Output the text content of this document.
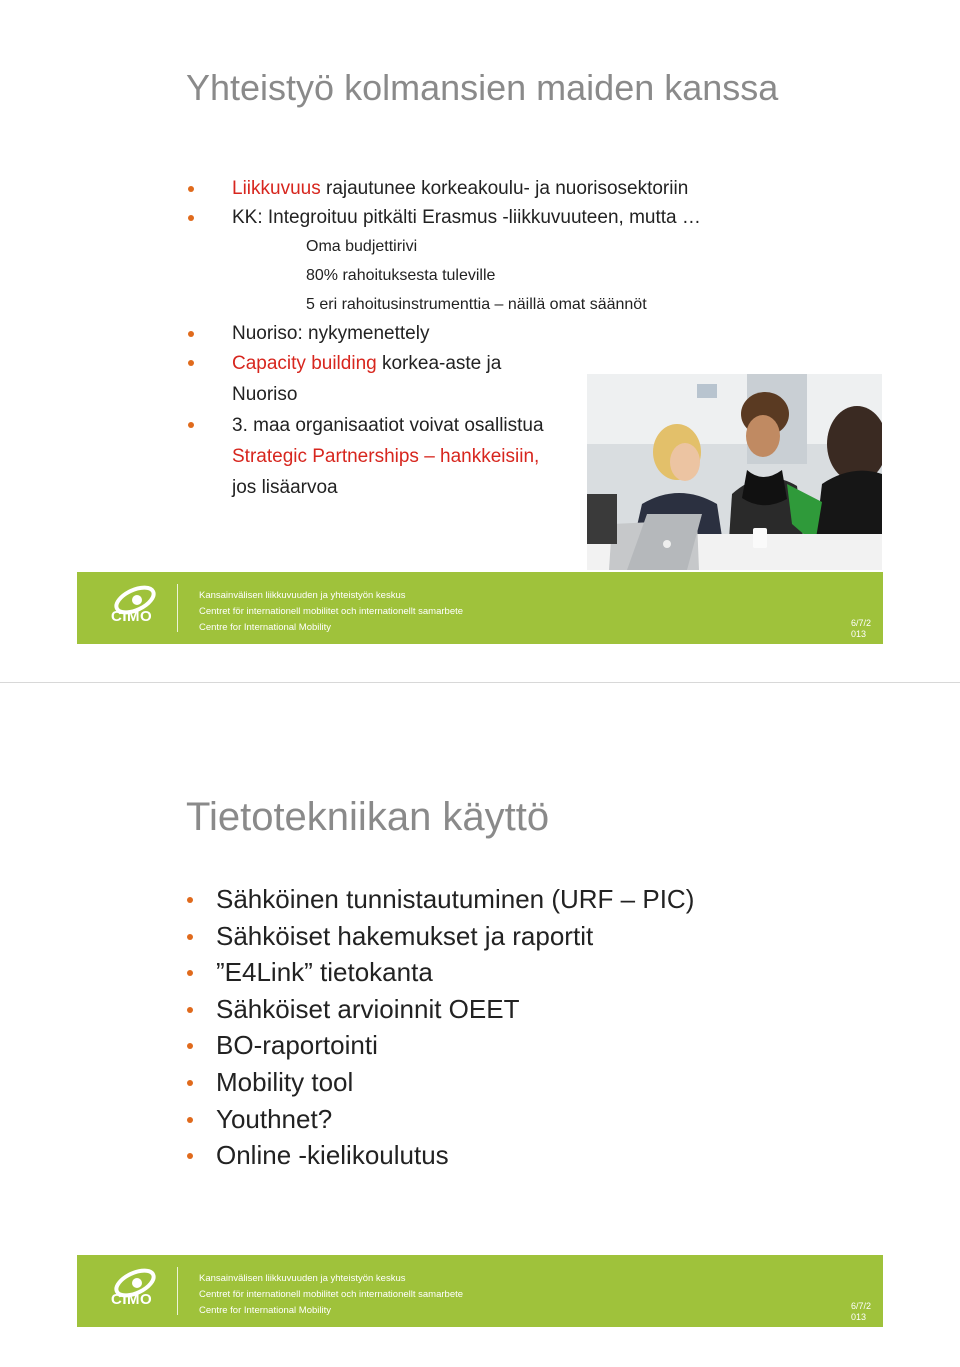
Yhteistyö kolmansien maiden kanssa
Liikkuvuus rajautunee korkeakoulu- ja nuorisosektoriin
KK: Integroituu pitkälti Erasmus -liikkuvuuteen, mutta …
Oma budjettirivi
80% rahoituksesta tuleville
5 eri rahoitusinstrumenttia – näillä omat säännöt
Nuoriso: nykymenettely
Capacity building korkea-aste ja Nuoriso
3. maa organisaatiot voivat osallistua Strategic Partnerships – hankkeisiin, jos lisäarvoa
CIMO
Kansainvälisen liikkuvuuden ja yhteistyön keskus
Centret för internationell mobilitet och internationellt samarbete
Centre for International Mobility	6/7/2
013
Tietotekniikan käyttö
Sähköinen tunnistautuminen (URF – PIC)
Sähköiset hakemukset ja raportit
”E4Link” tietokanta
Sähköiset arvioinnit OEET
BO-raportointi
Mobility tool
Youthnet?
Online -kielikoulutus
CIMO
Kansainvälisen liikkuvuuden ja yhteistyön keskus
Centret för internationell mobilitet och internationellt samarbete
Centre for International Mobility	6/7/2
013
